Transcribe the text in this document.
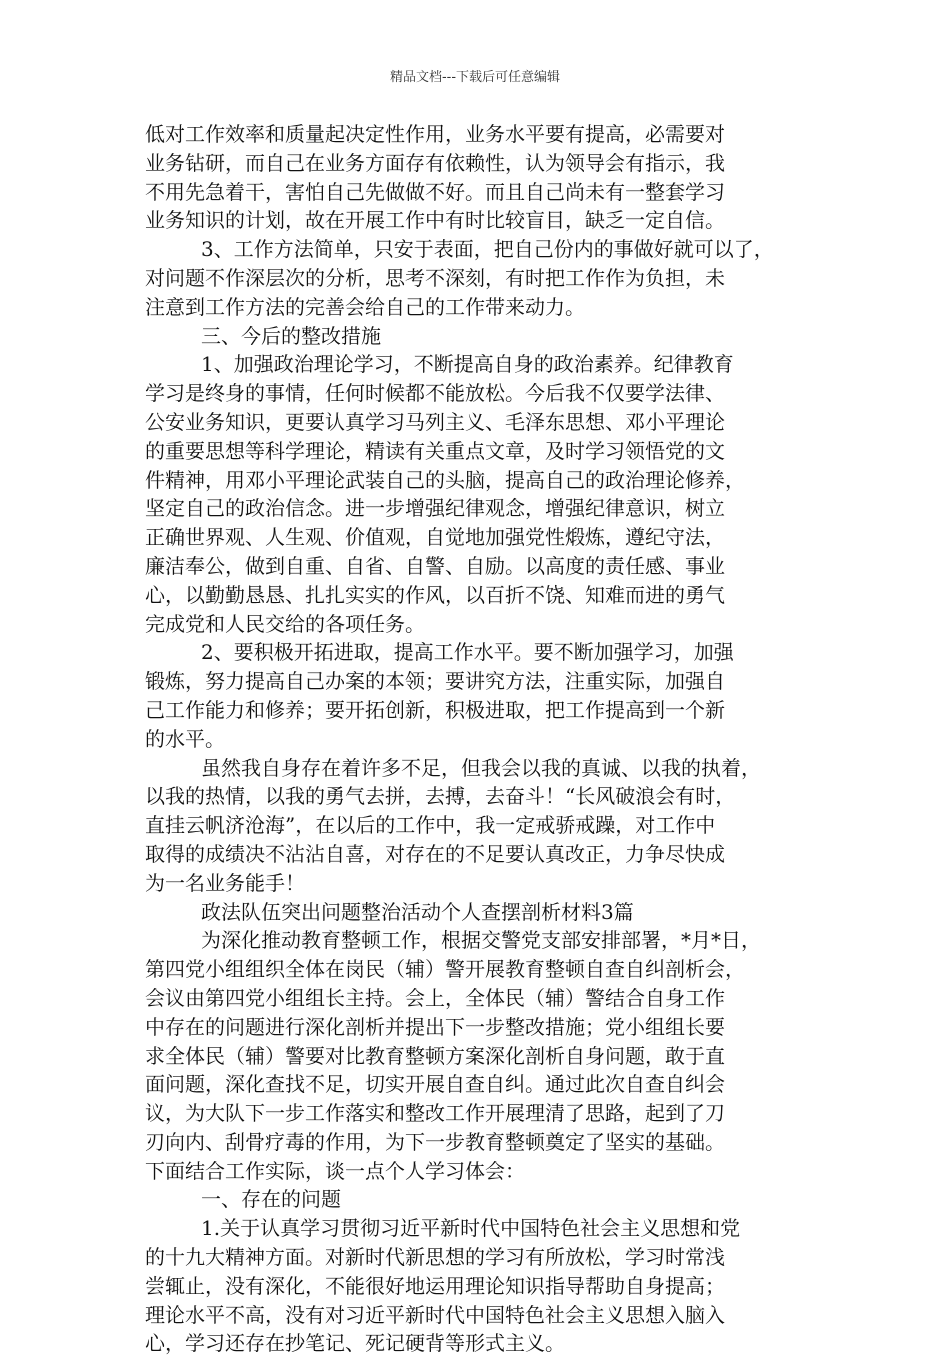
精品文档---下载后可任意编辑
低对工作效率和质量起决定性作用，业务水平要有提高，必需要对
业务钻研，而自己在业务方面存有依赖性，认为领导会有指示，我
不用先急着干，害怕自己先做做不好。而且自己尚未有一整套学习
业务知识的计划，故在开展工作中有时比较盲目，缺乏一定自信。
3、工作方法简单，只安于表面，把自己份内的事做好就可以了，
对问题不作深层次的分析，思考不深刻，有时把工作作为负担，未
注意到工作方法的完善会给自己的工作带来动力。
三、今后的整改措施
1、加强政治理论学习，不断提高自身的政治素养。纪律教育
学习是终身的事情，任何时候都不能放松。今后我不仅要学法律、
公安业务知识，更要认真学习马列主义、毛泽东思想、邓小平理论
的重要思想等科学理论，精读有关重点文章，及时学习领悟党的文
件精神，用邓小平理论武装自己的头脑，提高自己的政治理论修养，
坚定自己的政治信念。进一步增强纪律观念，增强纪律意识，树立
正确世界观、人生观、价值观，自觉地加强党性煅炼，遵纪守法，
廉洁奉公，做到自重、自省、自警、自励。以高度的责任感、事业
心，以勤勤恳恳、扎扎实实的作风，以百折不饶、知难而进的勇气
完成党和人民交给的各项任务。
2、要积极开拓进取，提高工作水平。要不断加强学习，加强
锻炼，努力提高自己办案的本领；要讲究方法，注重实际，加强自
己工作能力和修养；要开拓创新，积极进取，把工作提高到一个新
的水平。
虽然我自身存在着许多不足，但我会以我的真诚、以我的执着，
以我的热情，以我的勇气去拼，去搏，去奋斗！“长风破浪会有时，
直挂云帆济沧海”，在以后的工作中，我一定戒骄戒躁，对工作中
取得的成绩决不沾沾自喜，对存在的不足要认真改正，力争尽快成
为一名业务能手！
政法队伍突出问题整治活动个人查摆剖析材料3篇
为深化推动教育整顿工作，根据交警党支部安排部署，*月*日，
第四党小组组织全体在岗民（辅）警开展教育整顿自查自纠剖析会，
会议由第四党小组组长主持。会上，全体民（辅）警结合自身工作
中存在的问题进行深化剖析并提出下一步整改措施；党小组组长要
求全体民（辅）警要对比教育整顿方案深化剖析自身问题，敢于直
面问题，深化查找不足，切实开展自查自纠。通过此次自查自纠会
议，为大队下一步工作落实和整改工作开展理清了思路，起到了刀
刃向内、刮骨疗毒的作用，为下一步教育整顿奠定了坚实的基础。
下面结合工作实际，谈一点个人学习体会：
一、存在的问题
1.关于认真学习贯彻习近平新时代中国特色社会主义思想和党
的十九大精神方面。对新时代新思想的学习有所放松，学习时常浅
尝辄止，没有深化，不能很好地运用理论知识指导帮助自身提高；
理论水平不高，没有对习近平新时代中国特色社会主义思想入脑入
心，学习还存在抄笔记、死记硬背等形式主义。
